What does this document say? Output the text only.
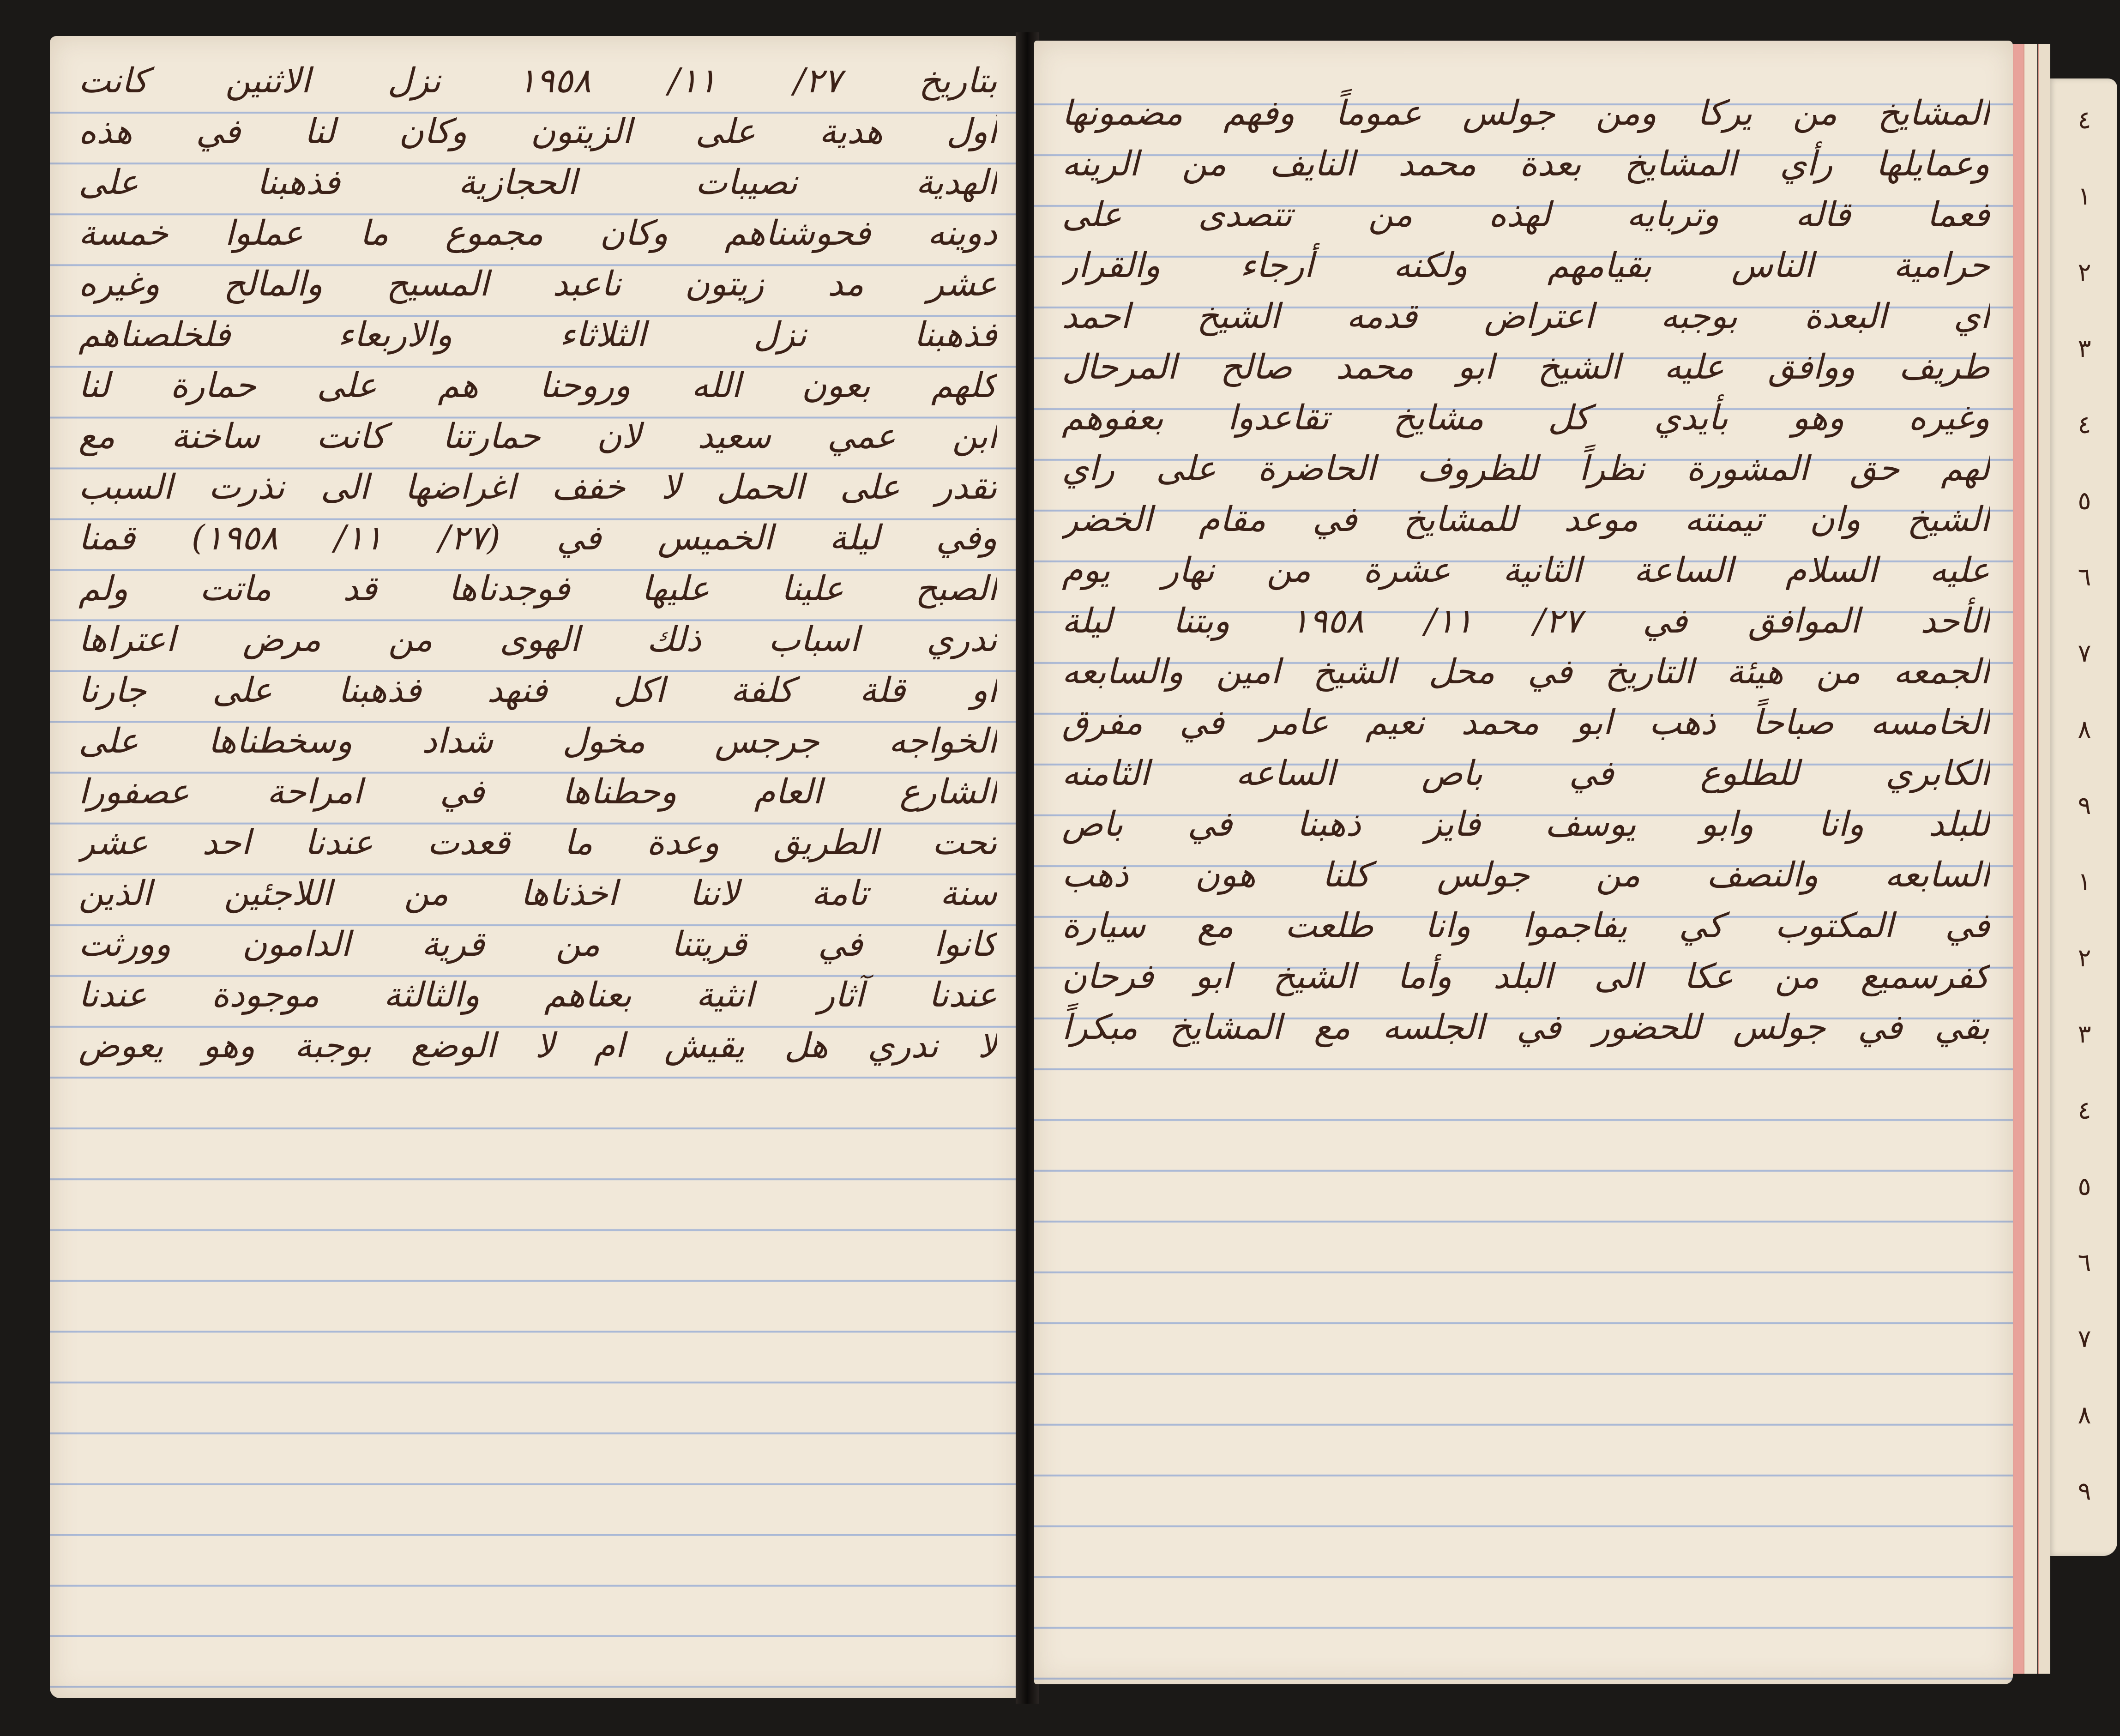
بتاريخ ٢٧/ ١١/ ١٩٥٨ نزل الاثنين كانت
أول هدية على الزيتون وكان لنا في هذه
الهدية نصيبات الحجازية فذهبنا على
دوينه فحوشناهم وكان مجموع ما عملوا خمسة
عشر مد زيتون ناعبد المسيح والمالح وغيره
فذهبنا نزل الثلاثاء والاربعاء فلخلصناهم
كلهم بعون الله وروحنا هم على حمارة لنا
ابن عمي سعيد لان حمارتنا كانت ساخنة مع
تقدر على الحمل لا خفف اغراضها الى نذرت السبب
وفي ليلة الخميس في (٢٧/ ١١/ ١٩٥٨) قمنا
الصبح علينا عليها فوجدناها قد ماتت ولم
ندري اسباب ذلك الهوى من مرض اعتراها
او قلة كلفة اكل فنهد فذهبنا على جارنا
الخواجه جرجس مخول شداد وسخطناها على
الشارع العام وحطناها في امراحة عصفورا
تحت الطريق وعدة ما قعدت عندنا احد عشر
سنة تامة لاننا اخذناها من اللاجئين الذين
كانوا في قريتنا من قرية الدامون وورثت
عندنا آثار انثية بعناهم والثالثة موجودة عندنا
لا ندري هل يقيش ام لا الوضع بوجبة وهو يعوض
المشايخ من يركا ومن جولس عموماً وفهم مضمونها
وعمايلها رأي المشايخ بعدة محمد النايف من الرينه
فعما قاله وتربايه لهذه من تتصدى على
حرامية الناس بقيامهم ولكنه أرجاء والقرار
اي البعدة بوجبه اعتراض قدمه الشيخ احمد
طريف ووافق عليه الشيخ ابو محمد صالح المرحال
وغيره وهو بأيدي كل مشايخ تقاعدوا بعفوهم
لهم حق المشورة نظراً للظروف الحاضرة على راي
الشيخ وان تيمنته موعد للمشايخ في مقام الخضر
عليه السلام الساعة الثانية عشرة من نهار يوم
الأحد الموافق في ٢٧/ ١١/ ١٩٥٨ وبتنا ليلة
الجمعه من هيئة التاريخ في محل الشيخ امين والسابعه
الخامسه صباحاً ذهب ابو محمد نعيم عامر في مفرق
الكابري للطلوع في باص الساعه الثامنه
للبلد وانا وابو يوسف فايز ذهبنا في باص
السابعه والنصف من جولس كلنا هون ذهب
في المكتوب كي يفاجموا وانا طلعت مع سيارة
كفرسميع من عكا الى البلد وأما الشيخ ابو فرحان
بقي في جولس للحضور في الجلسه مع المشايخ مبكراً
٤
١
٢
٣
٤
٥
٦
٧
٨
٩
١
٢
٣
٤
٥
٦
٧
٨
٩
